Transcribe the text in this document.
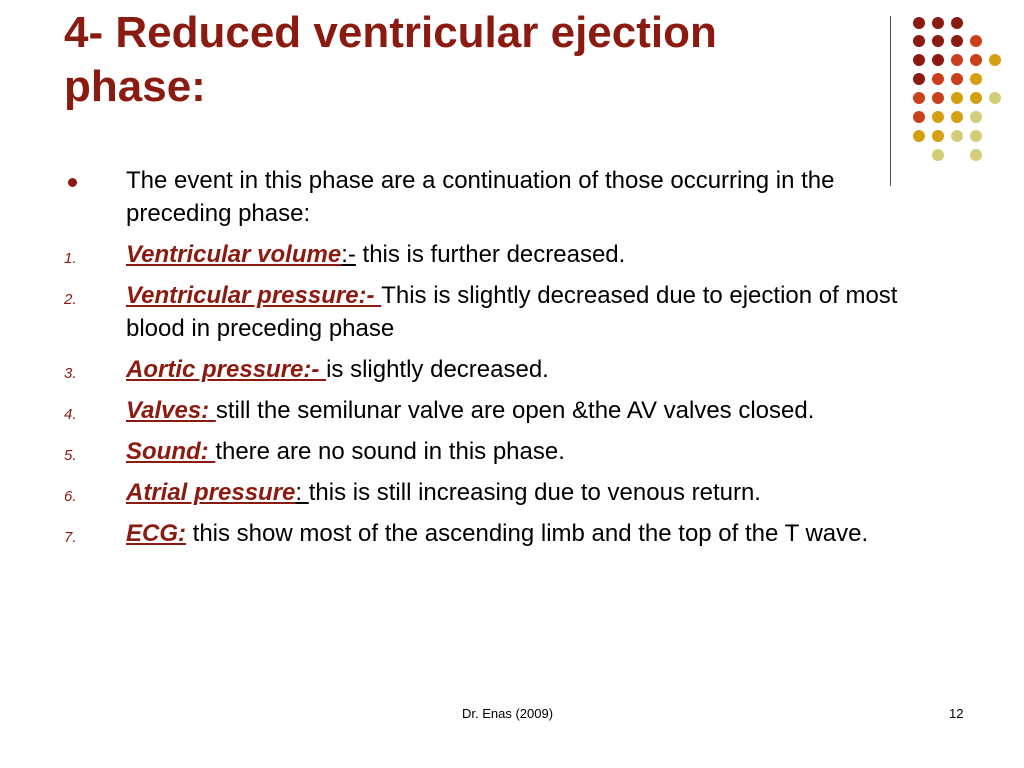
4- Reduced ventricular ejection phase:
The event in this phase are a continuation of those occurring in the preceding phase:
1. Ventricular volume:- this is further decreased.
2. Ventricular pressure:- This is slightly decreased due to ejection of most blood in preceding phase
3. Aortic pressure:- is slightly decreased.
4. Valves: still the semilunar valve are open &the AV valves closed.
5. Sound: there are no sound in this phase.
6. Atrial pressure: this is still increasing due to venous return.
7. ECG: this show most of the ascending limb and the top of the T wave.
Dr. Enas (2009)	12
